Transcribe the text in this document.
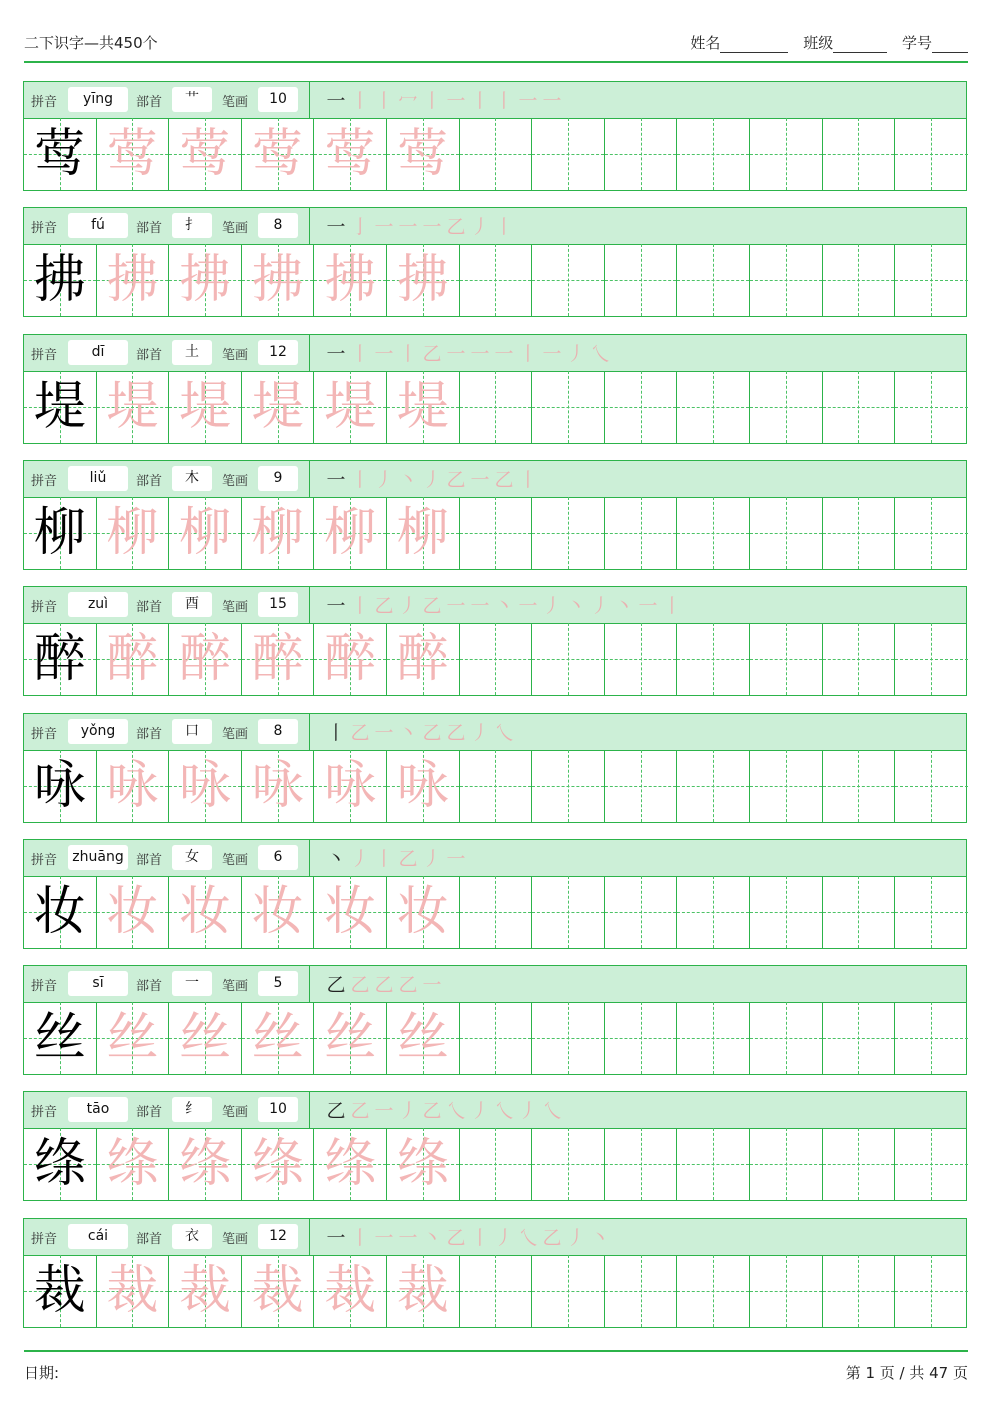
二下识字—共450个	姓名	班级	学号
拼音	yīng	部首	艹	笔画	10	一 丨 丨 冖 丨 一 丨 丨 一 一
莺 莺 莺 莺 莺 莺
拼音	fú	部首	扌	笔画	8	一 亅 一 一 一 乙 丿 丨
拂 拂 拂 拂 拂 拂
拼音	dī	部首	土	笔画	12	一 丨 一 丨 乙 一 一 一 丨 一 丿 乀
堤 堤 堤 堤 堤 堤
拼音	liǔ	部首	木	笔画	9	一 丨 丿 丶 丿 乙 一 乙 丨
柳 柳 柳 柳 柳 柳
拼音	zuì	部首	酉	笔画	15	一 丨 乙 丿 乙 一 一 丶 一 丿 丶 丿 丶 一 丨
醉 醉 醉 醉 醉 醉
拼音	yǒng	部首	口	笔画	8	丨 乙 一 丶 乙 乙 丿 乀
咏 咏 咏 咏 咏 咏
拼音	zhuāng 部首	女	笔画	6	丶 丿 丨 乙 丿 一
妆 妆 妆 妆 妆 妆
拼音	sī	部首	一	笔画	5	乙 乙 乙 乙 一
丝 丝 丝 丝 丝 丝
拼音	tāo	部首	纟	笔画	10	乙 乙 一 丿 乙 乀 丿 乀 丿 乀
绦 绦 绦 绦 绦 绦
拼音	cái	部首	衣	笔画	12	一 丨 一 一 丶 乙 丨 丿 乀 乙 丿 丶
裁 裁 裁 裁 裁 裁
日期:	第 1 页 / 共 47 页
